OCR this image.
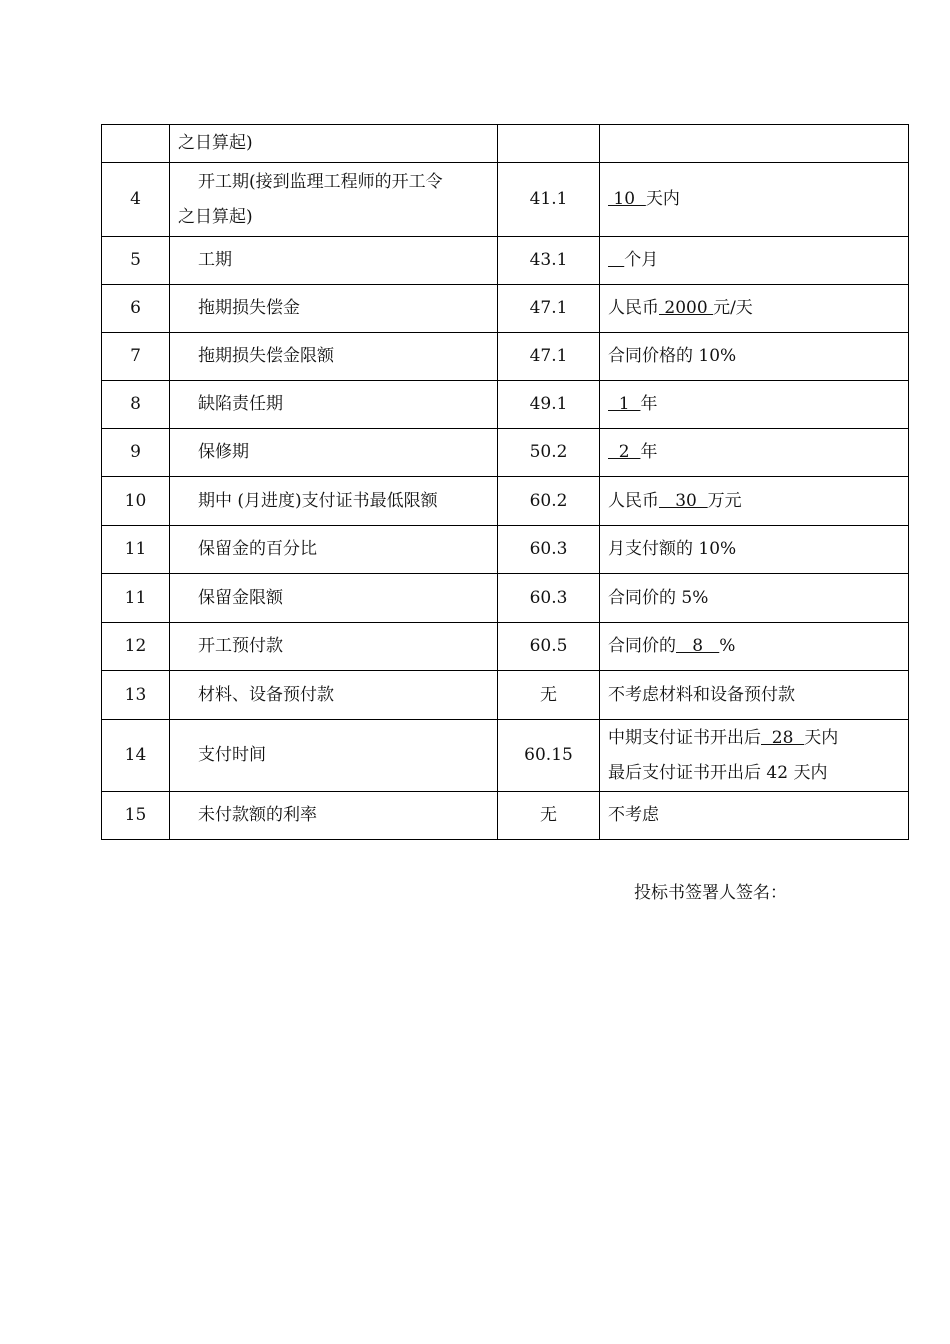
	之日算起)		

4	开工期(接到监理工程师的开工令
之日算起)	41.1	10  天内

5	工期	43.1	个月

6	拖期损失偿金	47.1	人民币 2000 元/天

7	拖期损失偿金限额	47.1	合同价格的 10%

8	缺陷责任期	49.1	1  年

9	保修期	50.2	2  年

10	期中 (月进度)支付证书最低限额	60.2	人民币   30  万元

11	保留金的百分比	60.3	月支付额的 10%

11	保留金限额	60.3	合同价的 5%

12	开工预付款	60.5	合同价的   8   %

13	材料、设备预付款	无	不考虑材料和设备预付款

14	支付时间	60.15	中期支付证书开出后  28  天内
最后支付证书开出后 42 天内

15	未付款额的利率	无	不考虑
投标书签署人签名：
